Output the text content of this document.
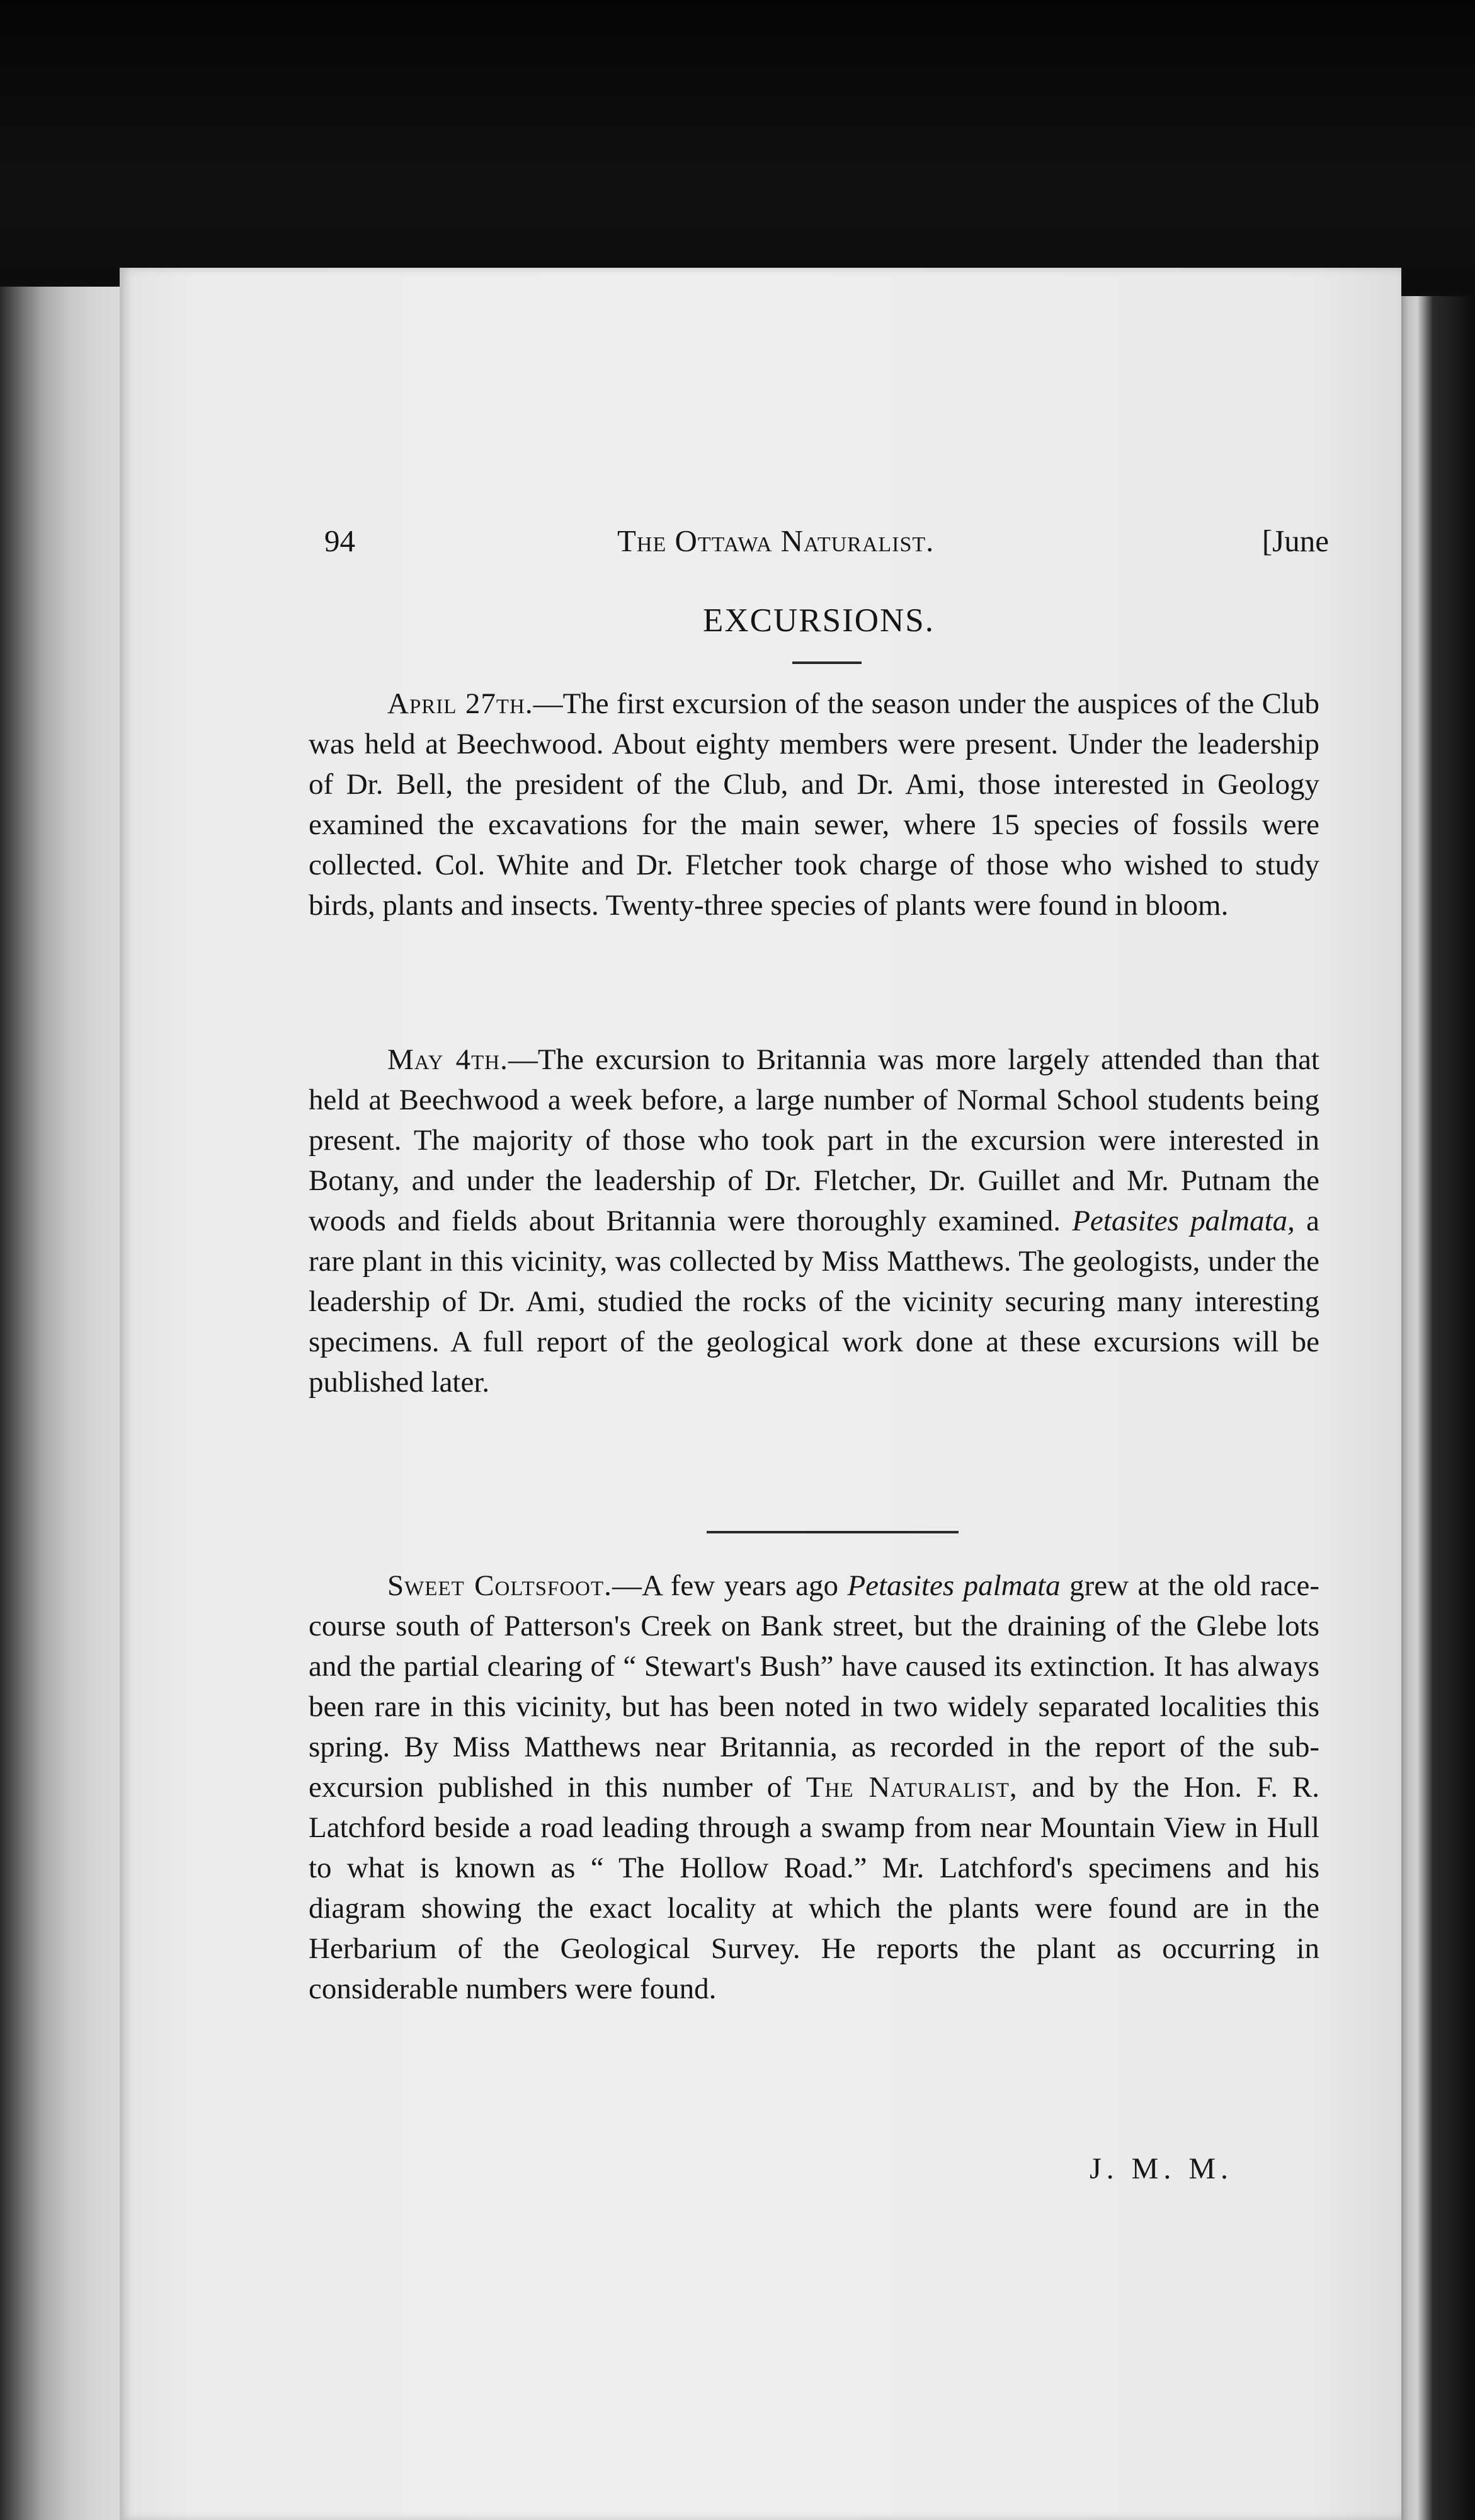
94	The Ottawa Naturalist.	[June
EXCURSIONS.

April 27th.—The first excursion of the season under the auspices of the Club was held at Beechwood. About eighty members were present. Under the leadership of Dr. Bell, the president of the Club, and Dr. Ami, those interested in Geology examined the excavations for the main sewer, where 15 species of fossils were collected. Col. White and Dr. Fletcher took charge of those who wished to study birds, plants and insects. Twenty-three species of plants were found in bloom.

May 4th.—The excursion to Britannia was more largely attended than that held at Beechwood a week before, a large number of Normal School students being present. The majority of those who took part in the excursion were interested in Botany, and under the leadership of Dr. Fletcher, Dr. Guillet and Mr. Putnam the woods and fields about Britannia were thoroughly examined. Petasites palmata, a rare plant in this vicinity, was collected by Miss Matthews. The geologists, under the leadership of Dr. Ami, studied the rocks of the vicinity securing many interesting specimens. A full report of the geological work done at these excursions will be published later.

Sweet Coltsfoot.—A few years ago Petasites palmata grew at the old race-course south of Patterson's Creek on Bank street, but the draining of the Glebe lots and the partial clearing of “ Stewart's Bush” have caused its extinction. It has always been rare in this vicinity, but has been noted in two widely separated localities this spring. By Miss Matthews near Britannia, as recorded in the report of the sub-excursion published in this number of The Naturalist, and by the Hon. F. R. Latchford beside a road leading through a swamp from near Mountain View in Hull to what is known as “ The Hollow Road.” Mr. Latchford's specimens and his diagram showing the exact locality at which the plants were found are in the Herbarium of the Geological Survey. He reports the plant as occurring in considerable numbers were found.

J. M. M.
